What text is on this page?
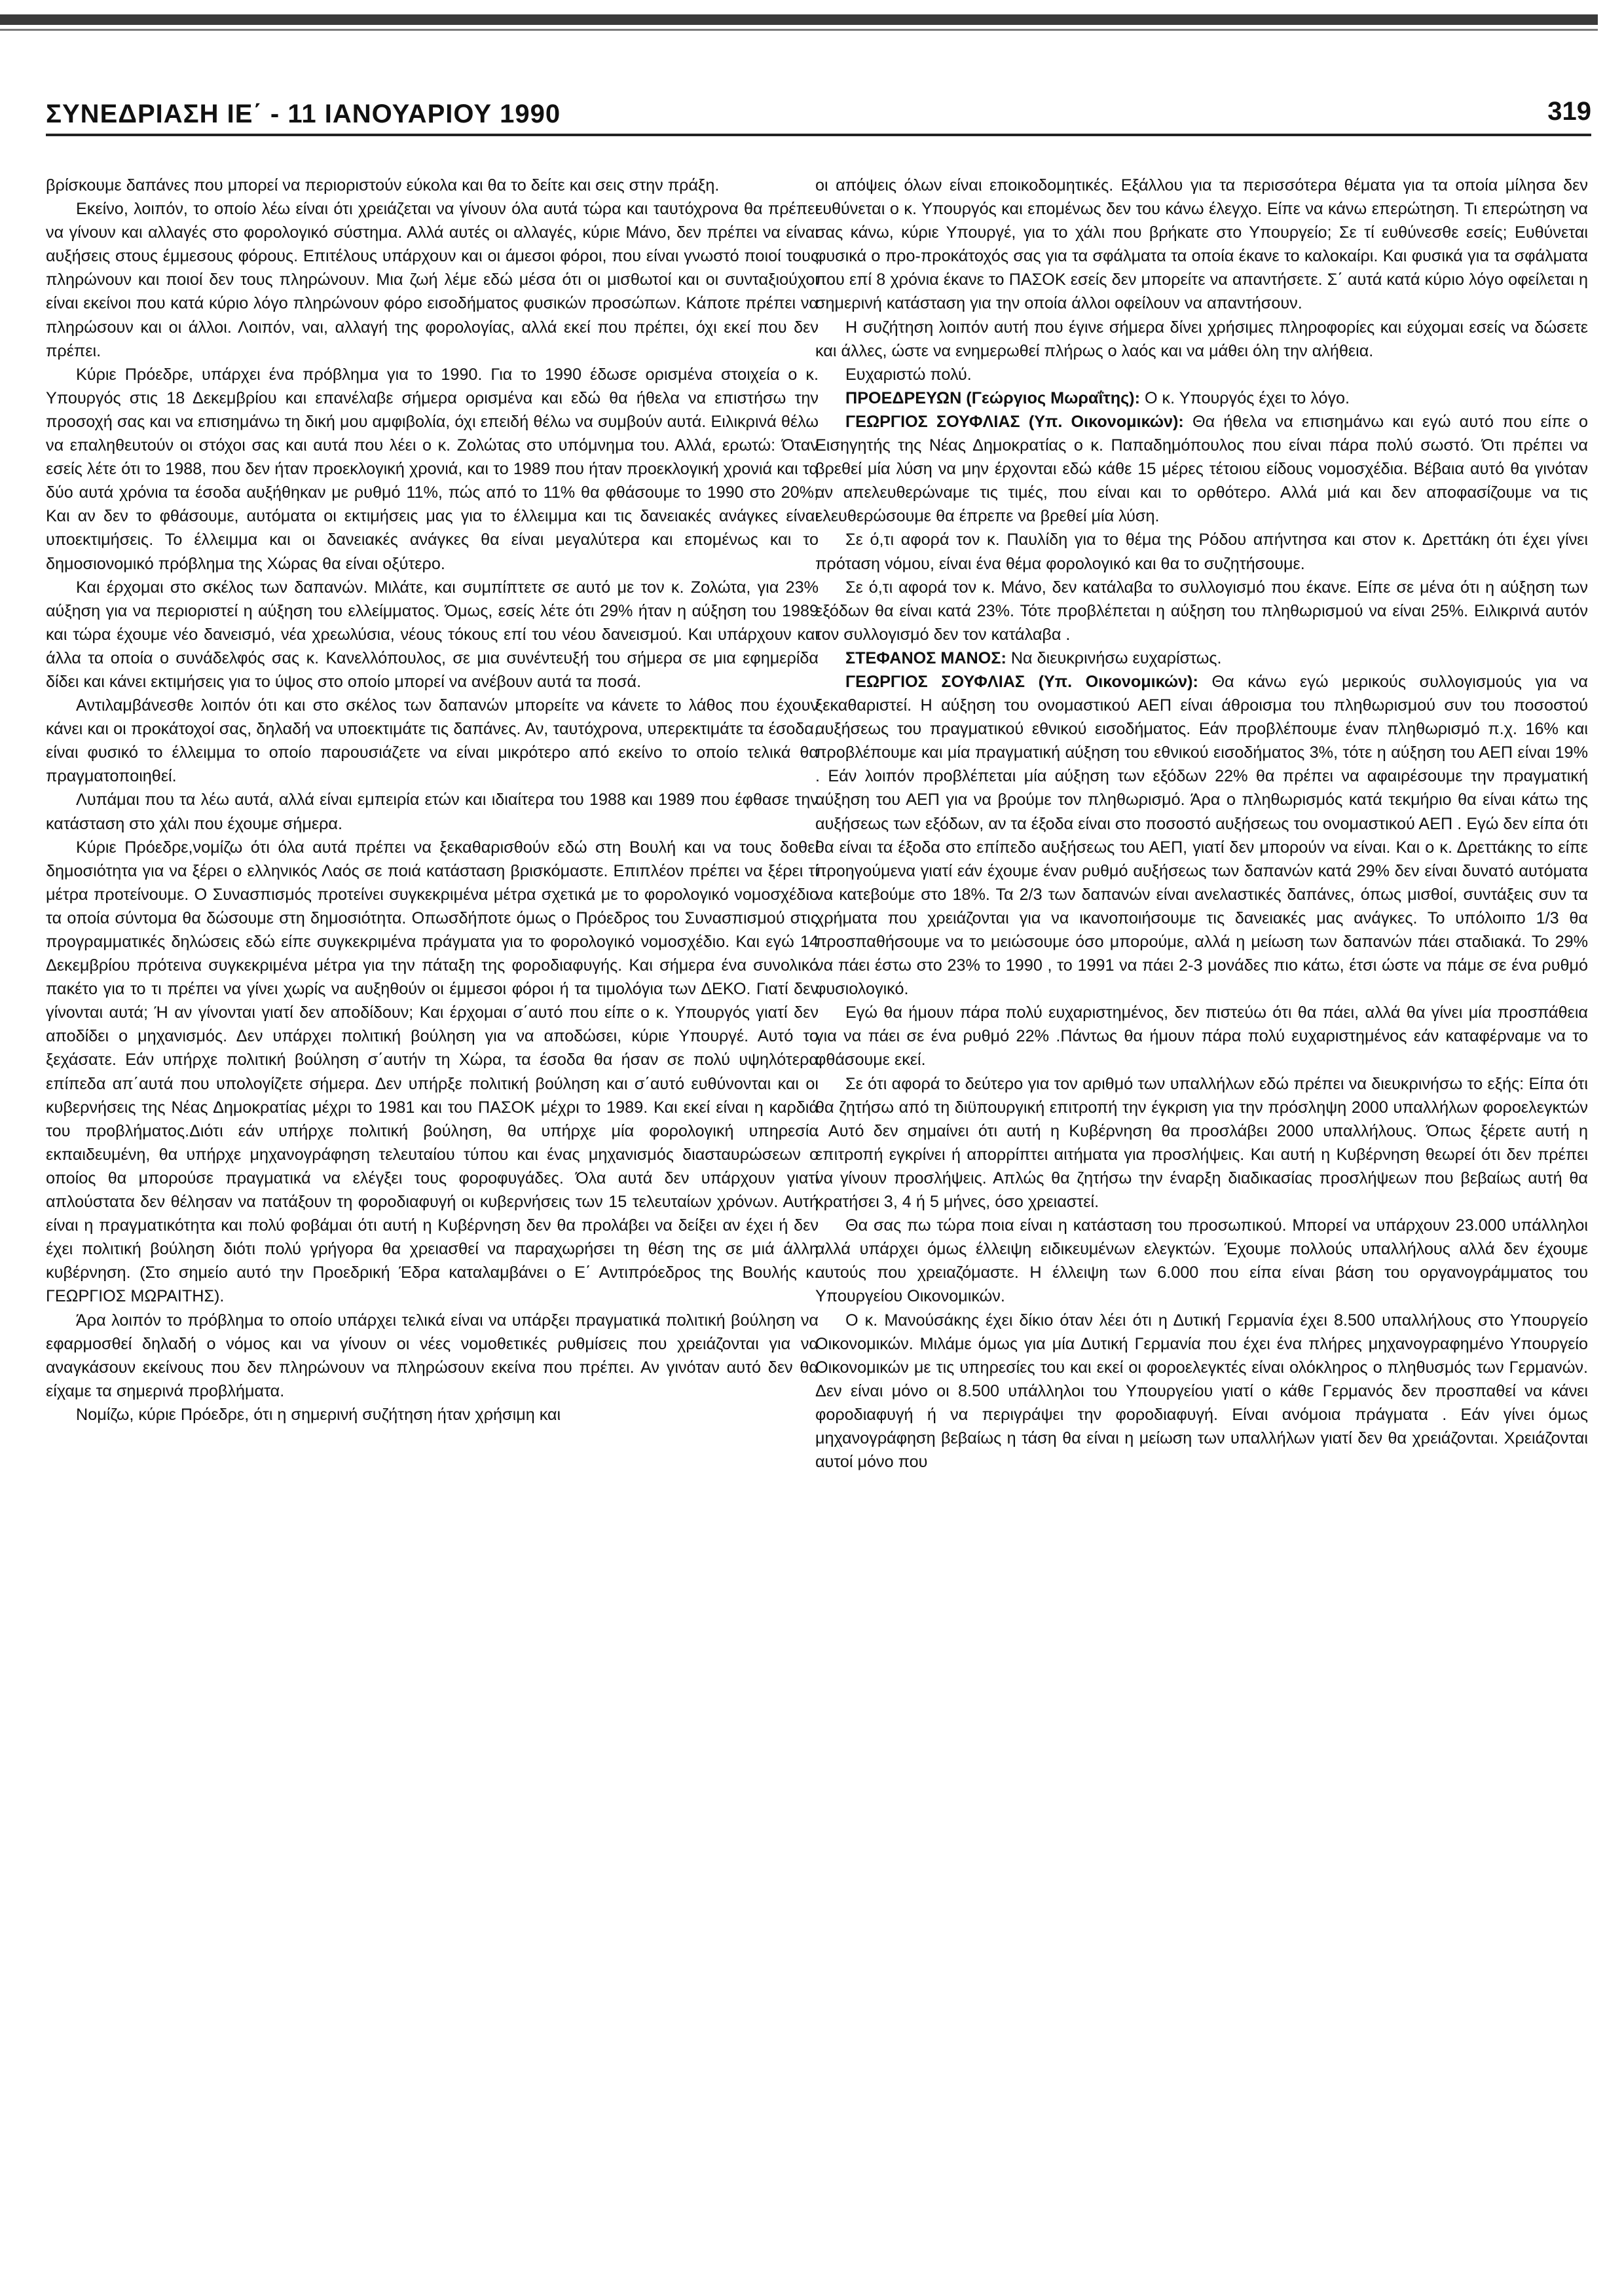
ΣΥΝΕΔΡΙΑΣΗ ΙΕ΄ - 11 ΙΑΝΟΥΑΡΙΟΥ 1990	319

βρίσκουμε δαπάνες που μπορεί να περιοριστούν εύκολα και θα το δείτε και σεις στην πράξη.

Εκείνο, λοιπόν, το οποίο λέω είναι ότι χρειάζεται να γίνουν όλα αυτά τώρα και ταυτόχρονα θα πρέπει να γίνουν και αλλαγές στο φορολογικό σύστημα. Αλλά αυτές οι αλλαγές, κύριε Μάνο, δεν πρέπει να είναι αυξήσεις στους έμμεσους φόρους. Επιτέλους υπάρχουν και οι άμεσοι φόροι, που είναι γνωστό ποιοί τους πληρώνουν και ποιοί δεν τους πληρώνουν. Μια ζωή λέμε εδώ μέσα ότι οι μισθωτοί και οι συνταξιούχοι είναι εκείνοι που κατά κύριο λόγο πληρώνουν φόρο εισοδήματος φυσικών προσώπων. Κάποτε πρέπει να πληρώσουν και οι άλλοι. Λοιπόν, ναι, αλλαγή της φορολογίας, αλλά εκεί που πρέπει, όχι εκεί που δεν πρέπει.

Κύριε Πρόεδρε, υπάρχει ένα πρόβλημα για το 1990. Για το 1990 έδωσε ορισμένα στοιχεία ο κ. Υπουργός στις 18 Δεκεμβρίου και επανέλαβε σήμερα ορισμένα και εδώ θα ήθελα να επιστήσω την προσοχή σας και να επισημάνω τη δική μου αμφιβολία, όχι επειδή θέλω να συμβούν αυτά. Ειλικρινά θέλω να επαληθευτούν οι στόχοι σας και αυτά που λέει ο κ. Ζολώτας στο υπόμνημα του. Αλλά, ερωτώ: Όταν εσείς λέτε ότι το 1988, που δεν ήταν προεκλογική χρονιά, και το 1989 που ήταν προεκλογική χρονιά και τα δύο αυτά χρόνια τα έσοδα αυξήθηκαν με ρυθμό 11%, πώς από το 11% θα φθάσουμε το 1990 στο 20%; Και αν δεν το φθάσουμε, αυτόματα οι εκτιμήσεις μας για το έλλειμμα και τις δανειακές ανάγκες είναι υποεκτιμήσεις. Το έλλειμμα και οι δανειακές ανάγκες θα είναι μεγαλύτερα και επομένως και το δημοσιονομικό πρόβλημα της Χώρας θα είναι οξύτερο.

Και έρχομαι στο σκέλος των δαπανών. Μιλάτε, και συμπίπτετε σε αυτό με τον κ. Ζολώτα, για 23% αύξηση για να περιοριστεί η αύξηση του ελλείμματος. Όμως, εσείς λέτε ότι 29% ήταν η αύξηση του 1989 και τώρα έχουμε νέο δανεισμό, νέα χρεωλύσια, νέους τόκους επί του νέου δανεισμού. Και υπάρχουν και άλλα τα οποία ο συνάδελφός σας κ. Κανελλόπουλος, σε μια συνέντευξή του σήμερα σε μια εφημερίδα δίδει και κάνει εκτιμήσεις για το ύψος στο οποίο μπορεί να ανέβουν αυτά τα ποσά.

Αντιλαμβάνεσθε λοιπόν ότι και στο σκέλος των δαπανών μπορείτε να κάνετε το λάθος που έχουν κάνει και οι προκάτοχοί σας, δηλαδή να υποεκτιμάτε τις δαπάνες. Αν, ταυτόχρονα, υπερεκτιμάτε τα έσοδα, είναι φυσικό το έλλειμμα το οποίο παρουσιάζετε να είναι μικρότερο από εκείνο το οποίο τελικά θα πραγματοποιηθεί.

Λυπάμαι που τα λέω αυτά, αλλά είναι εμπειρία ετών και ιδιαίτερα του 1988 και 1989 που έφθασε την κατάσταση στο χάλι που έχουμε σήμερα.

Κύριε Πρόεδρε,νομίζω ότι όλα αυτά πρέπει να ξεκαθαρισθούν εδώ στη Βουλή και να τους δοθεί δημοσιότητα για να ξέρει ο ελληνικός Λαός σε ποιά κατάσταση βρισκόμαστε. Επιπλέον πρέπει να ξέρει τί μέτρα προτείνουμε. Ο Συνασπισμός προτείνει συγκεκριμένα μέτρα σχετικά με το φορολογικό νομοσχέδιο τα οποία σύντομα θα δώσουμε στη δημοσιότητα. Οπωσδήποτε όμως ο Πρόεδρος του Συνασπισμού στις προγραμματικές δηλώσεις εδώ είπε συγκεκριμένα πράγματα για το φορολογικό νομοσχέδιο. Και εγώ 14 Δεκεμβρίου πρότεινα συγκεκριμένα μέτρα για την πάταξη της φοροδιαφυγής. Και σήμερα ένα συνολικό πακέτο για το τι πρέπει να γίνει χωρίς να αυξηθούν οι έμμεσοι φόροι ή τα τιμολόγια των ΔΕΚΟ. Γιατί δεν γίνονται αυτά; Ή αν γίνονται γιατί δεν αποδίδουν; Και έρχομαι σ΄αυτό που είπε ο κ. Υπουργός γιατί δεν αποδίδει ο μηχανισμός. Δεν υπάρχει πολιτική βούληση για να αποδώσει, κύριε Υπουργέ. Αυτό το ξεχάσατε. Εάν υπήρχε πολιτική βούληση σ΄αυτήν τη Χώρα, τα έσοδα θα ήσαν σε πολύ υψηλότερα επίπεδα απ΄αυτά που υπολογίζετε σήμερα. Δεν υπήρξε πολιτική βούληση και σ΄αυτό ευθύνονται και οι κυβερνήσεις της Νέας Δημοκρατίας μέχρι το 1981 και του ΠΑΣΟΚ μέχρι το 1989. Και εκεί είναι η καρδιά του προβλήματος.Διότι εάν υπήρχε πολιτική βούληση, θα υπήρχε μία φορολογική υπηρεσία εκπαιδευμένη, θα υπήρχε μηχανογράφηση τελευταίου τύπου και ένας μηχανισμός διασταυρώσεων ο οποίος θα μπορούσε πραγματικά να ελέγξει τους φοροφυγάδες. Όλα αυτά δεν υπάρχουν γιατί απλούστατα δεν θέλησαν να πατάξουν τη φοροδιαφυγή οι κυβερνήσεις των 15 τελευταίων χρόνων. Αυτή είναι η πραγματικότητα και πολύ φοβάμαι ότι αυτή η Κυβέρνηση δεν θα προλάβει να δείξει αν έχει ή δεν έχει πολιτική βούληση διότι πολύ γρήγορα θα χρειασθεί να παραχωρήσει τη θέση της σε μιά άλλη κυβέρνηση. (Στο σημείο αυτό την Προεδρική Έδρα καταλαμβάνει ο Ε΄ Αντιπρόεδρος της Βουλής κ. ΓΕΩΡΓΙΟΣ ΜΩΡΑΙΤΗΣ).

Άρα λοιπόν το πρόβλημα το οποίο υπάρχει τελικά είναι να υπάρξει πραγματικά πολιτική βούληση να εφαρμοσθεί δηλαδή ο νόμος και να γίνουν οι νέες νομοθετικές ρυθμίσεις που χρειάζονται για να αναγκάσουν εκείνους που δεν πληρώνουν να πληρώσουν εκείνα που πρέπει. Αν γινόταν αυτό δεν θα είχαμε τα σημερινά προβλήματα.

Νομίζω, κύριε Πρόεδρε, ότι η σημερινή συζήτηση ήταν χρήσιμη και

οι απόψεις όλων είναι εποικοδομητικές. Εξάλλου για τα περισσότερα θέματα για τα οποία μίλησα δεν ευθύνεται ο κ. Υπουργός και επομένως δεν του κάνω έλεγχο. Είπε να κάνω επερώτηση. Τι επερώτηση να σας κάνω, κύριε Υπουργέ, για το χάλι που βρήκατε στο Υπουργείο; Σε τί ευθύνεσθε εσείς; Ευθύνεται φυσικά ο προ-προκάτοχός σας για τα σφάλματα τα οποία έκανε το καλοκαίρι. Και φυσικά για τα σφάλματα που επί 8 χρόνια έκανε το ΠΑΣΟΚ εσείς δεν μπορείτε να απαντήσετε. Σ΄ αυτά κατά κύριο λόγο οφείλεται η σημερινή κατάσταση για την οποία άλλοι οφείλουν να απαντήσουν.

Η συζήτηση λοιπόν αυτή που έγινε σήμερα δίνει χρήσιμες πληροφορίες και εύχομαι εσείς να δώσετε και άλλες, ώστε να ενημερωθεί πλήρως ο λαός και να μάθει όλη την αλήθεια.

Ευχαριστώ πολύ.

ΠΡΟΕΔΡΕΥΩΝ (Γεώργιος Μωραΐτης): Ο κ. Υπουργός έχει το λόγο.

ΓΕΩΡΓΙΟΣ ΣΟΥΦΛΙΑΣ (Υπ. Οικονομικών): Θα ήθελα να επισημάνω και εγώ αυτό που είπε ο Εισηγητής της Νέας Δημοκρατίας ο κ. Παπαδημόπουλος που είναι πάρα πολύ σωστό. Ότι πρέπει να βρεθεί μία λύση να μην έρχονται εδώ κάθε 15 μέρες τέτοιου είδους νομοσχέδια. Βέβαια αυτό θα γινόταν αν απελευθερώναμε τις τιμές, που είναι και το ορθότερο. Αλλά μιά και δεν αποφασίζουμε να τις ελευθερώσουμε θα έπρεπε να βρεθεί μία λύση.

Σε ό,τι αφορά τον κ. Παυλίδη για το θέμα της Ρόδου απήντησα και στον κ. Δρεττάκη ότι έχει γίνει πρόταση νόμου, είναι ένα θέμα φορολογικό και θα το συζητήσουμε.

Σε ό,τι αφορά τον κ. Μάνο, δεν κατάλαβα το συλλογισμό που έκανε. Είπε σε μένα ότι η αύξηση των εξόδων θα είναι κατά 23%. Τότε προβλέπεται η αύξηση του πληθωρισμού να είναι 25%. Ειλικρινά αυτόν τον συλλογισμό δεν τον κατάλαβα .

ΣΤΕΦΑΝΟΣ ΜΑΝΟΣ: Να διευκρινήσω ευχαρίστως.

ΓΕΩΡΓΙΟΣ ΣΟΥΦΛΙΑΣ (Υπ. Οικονομικών): Θα κάνω εγώ μερικούς συλλογισμούς για να ξεκαθαριστεί. Η αύξηση του ονομαστικού ΑΕΠ είναι άθροισμα του πληθωρισμού συν του ποσοστού αυξήσεως του πραγματικού εθνικού εισοδήματος. Εάν προβλέπουμε έναν πληθωρισμό π.χ. 16% και προβλέπουμε και μία πραγματική αύξηση του εθνικού εισοδήματος 3%, τότε η αύξηση του ΑΕΠ είναι 19% . Εάν λοιπόν προβλέπεται μία αύξηση των εξόδων 22% θα πρέπει να αφαιρέσουμε την πραγματική αύξηση του ΑΕΠ για να βρούμε τον πληθωρισμό. Άρα ο πληθωρισμός κατά τεκμήριο θα είναι κάτω της αυξήσεως των εξόδων, αν τα έξοδα είναι στο ποσοστό αυξήσεως του ονομαστικού ΑΕΠ . Εγώ δεν είπα ότι θα είναι τα έξοδα στο επίπεδο αυξήσεως του ΑΕΠ, γιατί δεν μπορούν να είναι. Και ο κ. Δρεττάκης το είπε προηγούμενα γιατί εάν έχουμε έναν ρυθμό αυξήσεως των δαπανών κατά 29% δεν είναι δυνατό αυτόματα να κατεβούμε στο 18%. Τα 2/3 των δαπανών είναι ανελαστικές δαπάνες, όπως μισθοί, συντάξεις συν τα χρήματα που χρειάζονται για να ικανοποιήσουμε τις δανειακές μας ανάγκες. Το υπόλοιπο 1/3 θα προσπαθήσουμε να το μειώσουμε όσο μπορούμε, αλλά η μείωση των δαπανών πάει σταδιακά. Το 29% να πάει έστω στο 23% το 1990 , το 1991 να πάει 2-3 μονάδες πιο κάτω, έτσι ώστε να πάμε σε ένα ρυθμό φυσιολογικό.

Εγώ θα ήμουν πάρα πολύ ευχαριστημένος, δεν πιστεύω ότι θα πάει, αλλά θα γίνει μία προσπάθεια για να πάει σε ένα ρυθμό 22% .Πάντως θα ήμουν πάρα πολύ ευχαριστημένος εάν καταφέρναμε να το φθάσουμε εκεί.

Σε ότι αφορά το δεύτερο για τον αριθμό των υπαλλήλων εδώ πρέπει να διευκρινήσω το εξής: Είπα ότι θα ζητήσω από τη διϋπουργική επιτροπή την έγκριση για την πρόσληψη 2000 υπαλλήλων φοροελεγκτών . Αυτό δεν σημαίνει ότι αυτή η Κυβέρνηση θα προσλάβει 2000 υπαλλήλους. Όπως ξέρετε αυτή η επιτροπή εγκρίνει ή απορρίπτει αιτήματα για προσλήψεις. Και αυτή η Κυβέρνηση θεωρεί ότι δεν πρέπει να γίνουν προσλήψεις. Απλώς θα ζητήσω την έναρξη διαδικασίας προσλήψεων που βεβαίως αυτή θα κρατήσει 3, 4 ή 5 μήνες, όσο χρειαστεί.

Θα σας πω τώρα ποια είναι η κατάσταση του προσωπικού. Μπορεί να υπάρχουν 23.000 υπάλληλοι αλλά υπάρχει όμως έλλειψη ειδικευμένων ελεγκτών. Έχουμε πολλούς υπαλλήλους αλλά δεν έχουμε αυτούς που χρειαζόμαστε. Η έλλειψη των 6.000 που είπα είναι βάση του οργανογράμματος του Υπουργείου Οικονομικών.

Ο κ. Μανούσάκης έχει δίκιο όταν λέει ότι η Δυτική Γερμανία έχει 8.500 υπαλλήλους στο Υπουργείο Οικονομικών. Μιλάμε όμως για μία Δυτική Γερμανία που έχει ένα πλήρες μηχανογραφημένο Υπουργείο Οικονομικών με τις υπηρεσίες του και εκεί οι φοροελεγκτές είναι ολόκληρος ο πληθυσμός των Γερμανών. Δεν είναι μόνο οι 8.500 υπάλληλοι του Υπουργείου γιατί ο κάθε Γερμανός δεν προσπαθεί να κάνει φοροδιαφυγή ή να περιγράψει την φοροδιαφυγή. Είναι ανόμοια πράγματα . Εάν γίνει όμως μηχανογράφηση βεβαίως η τάση θα είναι η μείωση των υπαλλήλων γιατί δεν θα χρειάζονται. Χρειάζονται αυτοί μόνο που
